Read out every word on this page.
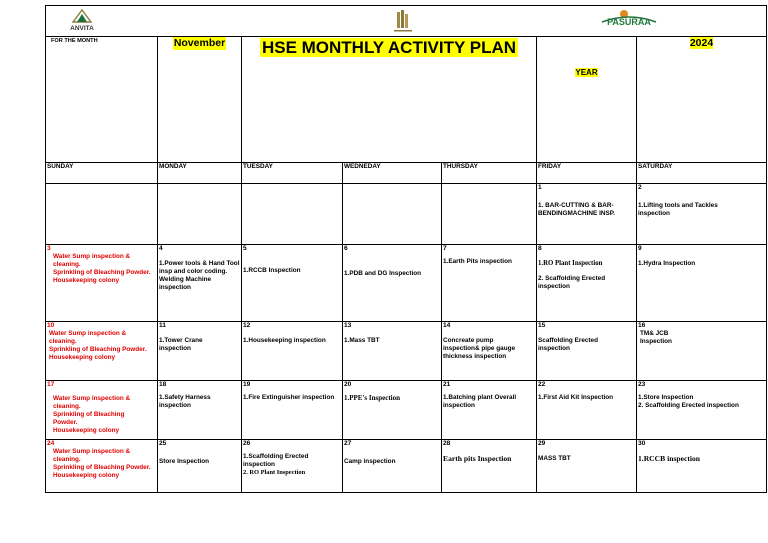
ANVITA
PASURAA						

FOR THE MONTH	November	HSE MONTHLY ACTIVITY PLAN			YEAR	2024
SUNDAY	MONDAY	TUESDAY	WEDNEDAY	THURSDAY	FRIDAY	SATURDAY

					1
1. BAR-CUTTING & BAR-BENDINGMACHINE INSP.	2
1.Lifting tools and Tackles inspection

3
Water Sump inspection & cleaning.
Sprinkling of Bleaching Powder.
Housekeeping colony	4
1.Power tools & Hand Tool insp and color coding.
Welding Machine inspection	5
1.RCCB Inspection	6
1.PDB and DG Inspection	7
1.Earth Pits inspection	8
1.RO Plant Inspection
2. Scaffolding Erected inspection	9
1.Hydra Inspection

10
Water Sump inspection & cleaning.
Sprinkling of Bleaching Powder.
Housekeeping colony	11
1.Tower Crane inspection	12
1.Housekeeping inspection	13
1.Mass TBT	14
Concreate pump inspection& pipe gauge thickness inspection	15
Scaffolding Erected inspection	16
TM& JCB Inspection

17
Water Sump inspection & cleaning.
Sprinkling of Bleaching Powder.
Housekeeping colony	18
1.Safety Harness inspection	19
1.Fire Extinguisher inspection	20
1.PPE's Inspection	21
1.Batching plant Overall inspection	22
1.First Aid Kit Inspection	23
1.Store Inspection
2. Scaffolding Erected inspection

24
Water Sump inspection & cleaning.
Sprinkling of Bleaching Powder. Housekeeping colony	25
Store Inspection	26
1.Scaffolding Erected inspection
2. RO Plant Inspection	27
Camp inspection	28
Earth pits Inspection	29
MASS TBT	30
1.RCCB inspection
